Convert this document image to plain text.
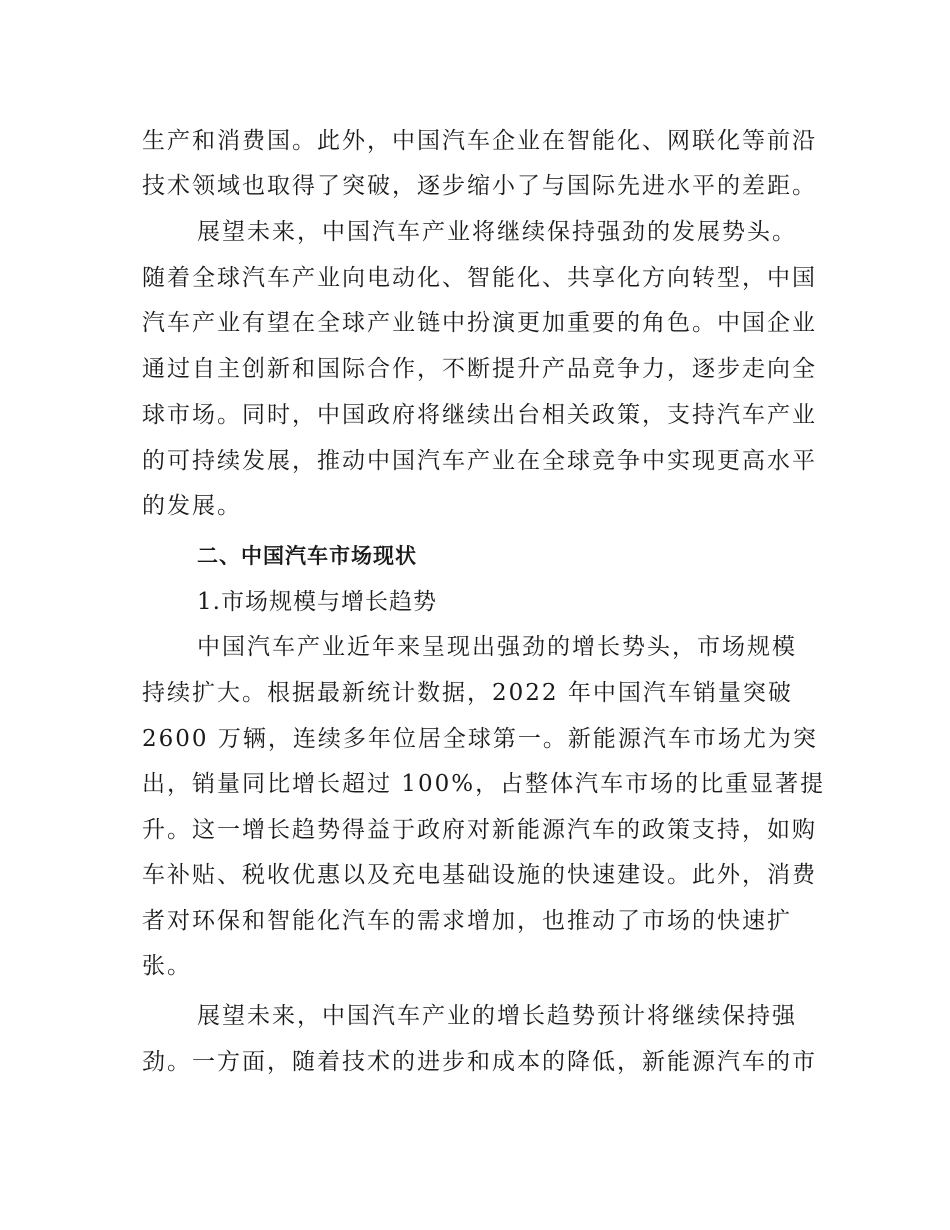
生产和消费国。此外，中国汽车企业在智能化、网联化等前沿
技术领域也取得了突破，逐步缩小了与国际先进水平的差距。
展望未来，中国汽车产业将继续保持强劲的发展势头。
随着全球汽车产业向电动化、智能化、共享化方向转型，中国
汽车产业有望在全球产业链中扮演更加重要的角色。中国企业
通过自主创新和国际合作，不断提升产品竞争力，逐步走向全
球市场。同时，中国政府将继续出台相关政策，支持汽车产业
的可持续发展，推动中国汽车产业在全球竞争中实现更高水平
的发展。
二、中国汽车市场现状
1.市场规模与增长趋势
中国汽车产业近年来呈现出强劲的增长势头，市场规模
持续扩大。根据最新统计数据，2022 年中国汽车销量突破
2600 万辆，连续多年位居全球第一。新能源汽车市场尤为突
出，销量同比增长超过 100%，占整体汽车市场的比重显著提
升。这一增长趋势得益于政府对新能源汽车的政策支持，如购
车补贴、税收优惠以及充电基础设施的快速建设。此外，消费
者对环保和智能化汽车的需求增加，也推动了市场的快速扩
张。
展望未来，中国汽车产业的增长趋势预计将继续保持强
劲。一方面，随着技术的进步和成本的降低，新能源汽车的市
